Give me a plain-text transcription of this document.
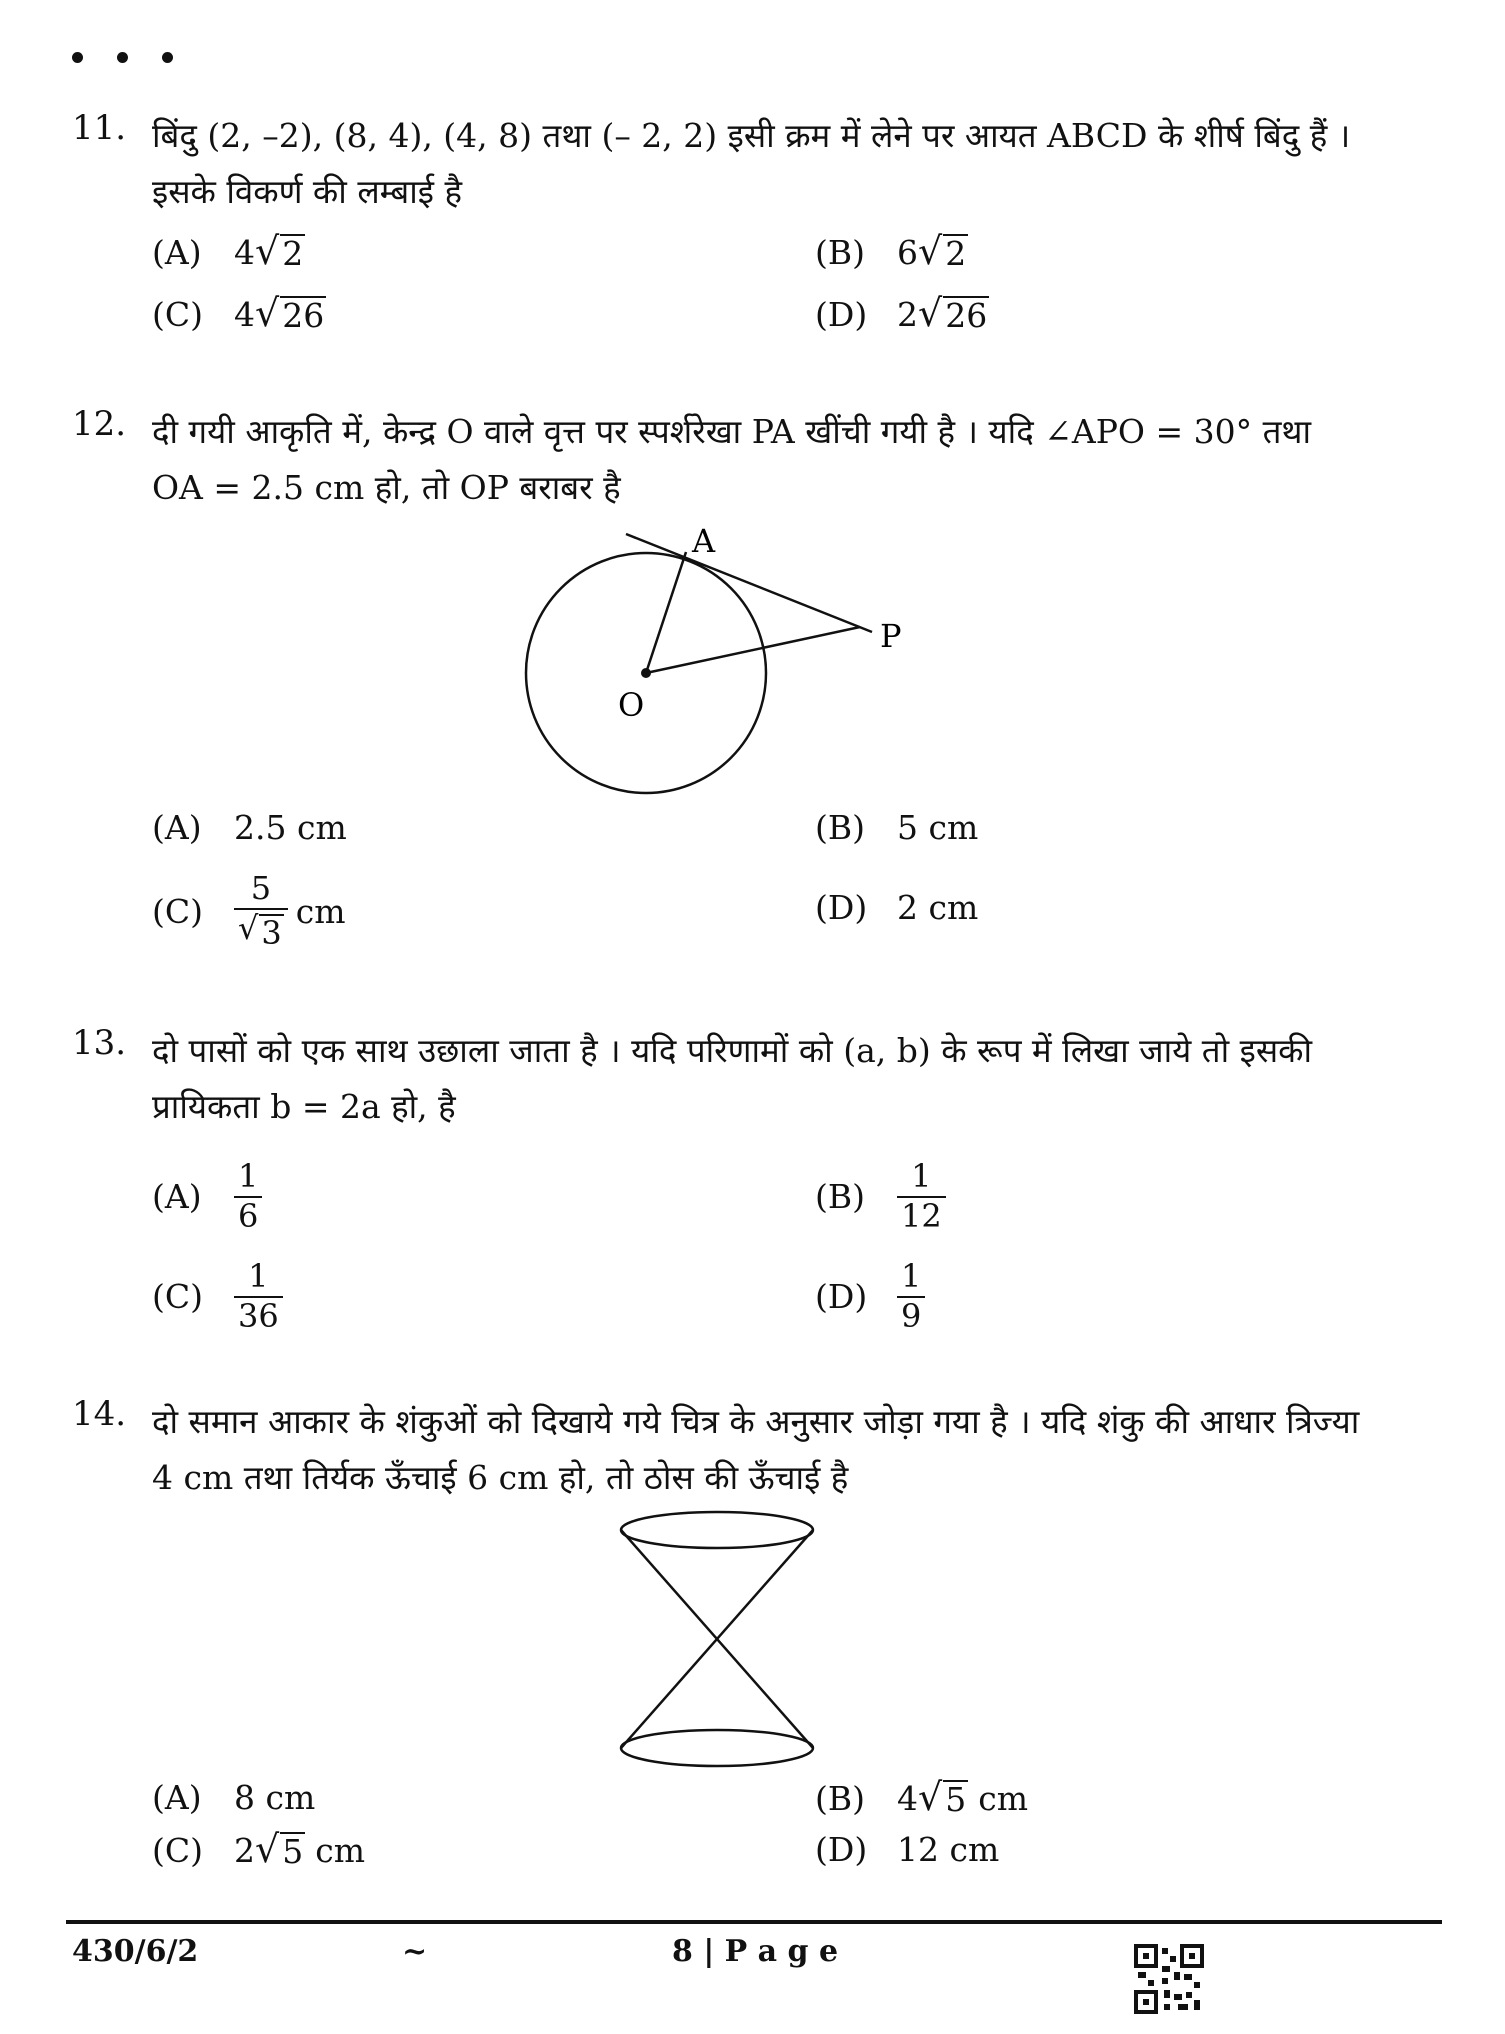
11. बिंदु (2, –2), (8, 4), (4, 8) तथा (– 2, 2) इसी क्रम में लेने पर आयत ABCD के शीर्ष बिंदु हैं ।
इसके विकर्ण की लम्बाई है
(A) 4 √ 2	(B) 6 √ 2
(C) 4 √ 26	(D) 2 √ 26
12. दी गयी आकृति में, केन्द्र O वाले वृत्त पर स्पर्शरेखा PA खींची गयी है । यदि ∠APO = 30° तथा
OA = 2.5 cm हो, तो OP बराबर है
A
P
O
(A) 2.5 cm	(B) 5 cm
$(C) \frac{5}{√ 3}$ cm	(D) 2 cm
13. दो पासों को एक साथ उछाला जाता है । यदि परिणामों को (a, b) के रूप में लिखा जाये तो इसकी
प्रायिकता b = 2a हो, है
(A)	$\frac{1}{6}$	(B)	$\frac{1}{12}$
$(C) \frac{1}{36}$	$(D) \frac{1}{9}$
14. दो समान आकार के शंकुओं को दिखाये गये चित्र के अनुसार जोड़ा गया है । यदि शंकु की आधार त्रिज्या
4 cm तथा तिर्यक ऊँचाई 6 cm हो, तो ठोस की ऊँचाई है
(A) 8 cm	(B) 4 √ 5 cm
(C) 2 √ 5 cm	(D) 12 cm
430/6/2	~	8 | P a g e
